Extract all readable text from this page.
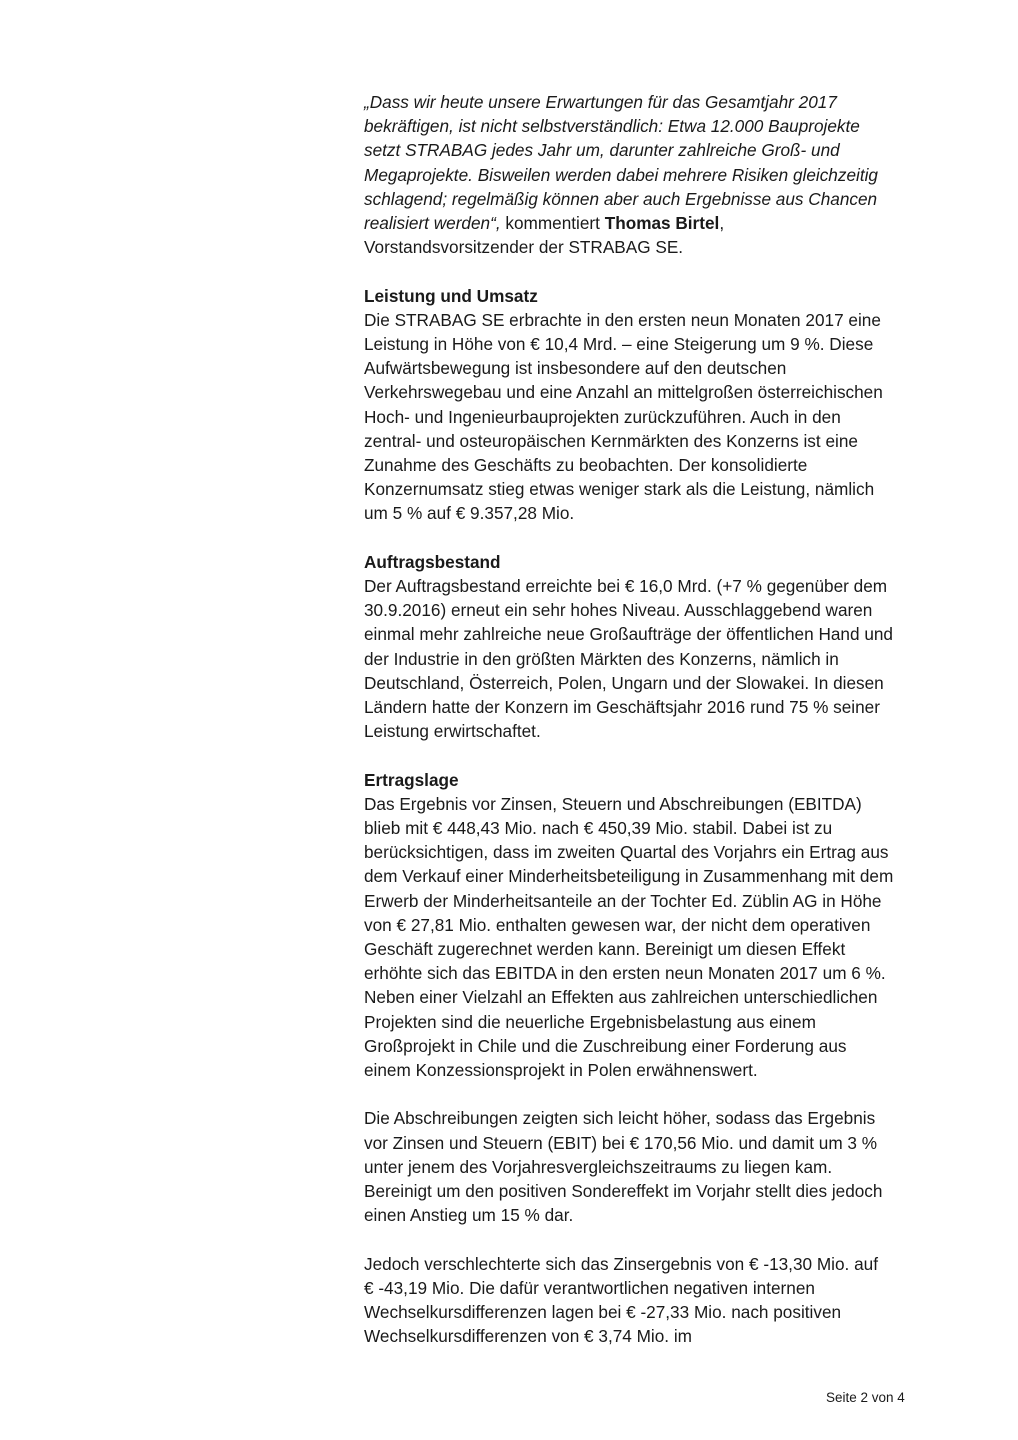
„Dass wir heute unsere Erwartungen für das Gesamtjahr 2017
bekräftigen, ist nicht selbstverständlich: Etwa 12.000 Bauprojekte
setzt STRABAG jedes Jahr um, darunter zahlreiche Groß- und
Megaprojekte. Bisweilen werden dabei mehrere Risiken gleichzeitig
schlagend; regelmäßig können aber auch Ergebnisse aus Chancen
realisiert werden“, kommentiert Thomas Birtel,
Vorstandsvorsitzender der STRABAG SE.

Leistung und Umsatz
Die STRABAG SE erbrachte in den ersten neun Monaten 2017 eine
Leistung in Höhe von € 10,4 Mrd. – eine Steigerung um 9 %. Diese
Aufwärtsbewegung ist insbesondere auf den deutschen
Verkehrswegebau und eine Anzahl an mittelgroßen österreichischen
Hoch- und Ingenieurbauprojekten zurückzuführen. Auch in den
zentral- und osteuropäischen Kernmärkten des Konzerns ist eine
Zunahme des Geschäfts zu beobachten. Der konsolidierte
Konzernumsatz stieg etwas weniger stark als die Leistung, nämlich
um 5 % auf € 9.357,28 Mio.
Auftragsbestand
Der Auftragsbestand erreichte bei € 16,0 Mrd. (+7 % gegenüber dem
30.9.2016) erneut ein sehr hohes Niveau. Ausschlaggebend waren
einmal mehr zahlreiche neue Großaufträge der öffentlichen Hand und
der Industrie in den größten Märkten des Konzerns, nämlich in
Deutschland, Österreich, Polen, Ungarn und der Slowakei. In diesen
Ländern hatte der Konzern im Geschäftsjahr 2016 rund 75 % seiner
Leistung erwirtschaftet.
Ertragslage
Das Ergebnis vor Zinsen, Steuern und Abschreibungen (EBITDA)
blieb mit € 448,43 Mio. nach € 450,39 Mio. stabil. Dabei ist zu
berücksichtigen, dass im zweiten Quartal des Vorjahrs ein Ertrag aus
dem Verkauf einer Minderheitsbeteiligung in Zusammenhang mit dem
Erwerb der Minderheitsanteile an der Tochter Ed. Züblin AG in Höhe
von € 27,81 Mio. enthalten gewesen war, der nicht dem operativen
Geschäft zugerechnet werden kann. Bereinigt um diesen Effekt
erhöhte sich das EBITDA in den ersten neun Monaten 2017 um 6 %.
Neben einer Vielzahl an Effekten aus zahlreichen unterschiedlichen
Projekten sind die neuerliche Ergebnisbelastung aus einem
Großprojekt in Chile und die Zuschreibung einer Forderung aus
einem Konzessionsprojekt in Polen erwähnenswert.

Die Abschreibungen zeigten sich leicht höher, sodass das Ergebnis
vor Zinsen und Steuern (EBIT) bei € 170,56 Mio. und damit um 3 %
unter jenem des Vorjahresvergleichszeitraums zu liegen kam.
Bereinigt um den positiven Sondereffekt im Vorjahr stellt dies jedoch
einen Anstieg um 15 % dar.

Jedoch verschlechterte sich das Zinsergebnis von € -13,30 Mio. auf
€ -43,19 Mio. Die dafür verantwortlichen negativen internen
Wechselkursdifferenzen lagen bei € -27,33 Mio. nach positiven
Wechselkursdifferenzen von € 3,74 Mio. im

Seite 2 von 4
